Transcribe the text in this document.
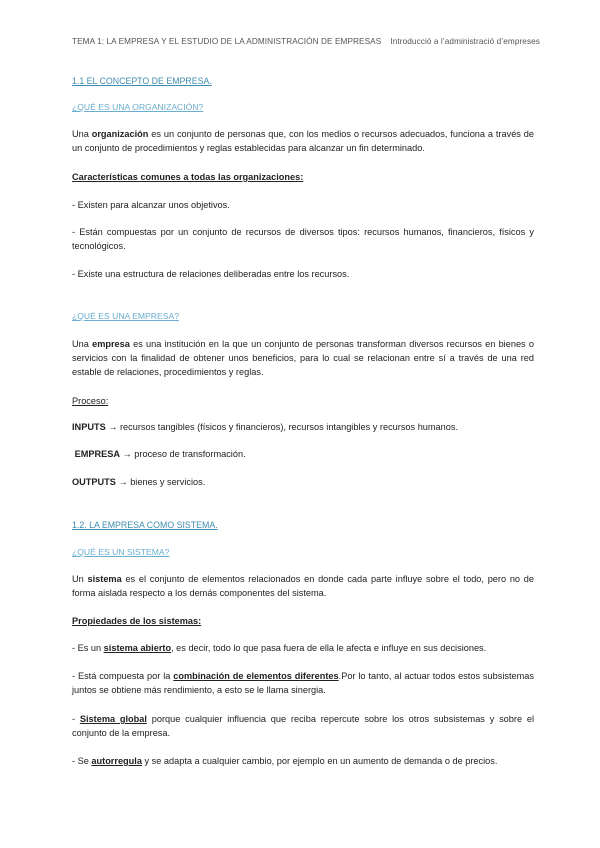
TEMA 1: LA EMPRESA Y EL ESTUDIO DE LA ADMINISTRACIÓN DE EMPRESAS Introducció a l’administració d’empreses
1.1 EL CONCEPTO DE EMPRESA.
¿QUÉ ES UNA ORGANIZACIÓN?
Una organización es un conjunto de personas que, con los medios o recursos adecuados, funciona a través de un conjunto de procedimientos y reglas establecidas para alcanzar un fin determinado.
Características comunes a todas las organizaciones:
- Existen para alcanzar unos objetivos.
- Están compuestas por un conjunto de recursos de diversos tipos: recursos humanos, financieros, físicos y tecnológicos.
- Existe una estructura de relaciones deliberadas entre los recursos.
¿QUÉ ES UNA EMPRESA?
Una empresa es una institución en la que un conjunto de personas transforman diversos recursos en bienes o servicios con la finalidad de obtener unos beneficios, para lo cual se relacionan entre sí a través de una red estable de relaciones, procedimientos y reglas.
Proceso:
INPUTS → recursos tangibles (físicos y financieros), recursos intangibles y recursos humanos.
EMPRESA → proceso de transformación.
OUTPUTS → bienes y servicios.
1.2. LA EMPRESA COMO SISTEMA.
¿QUÉ ES UN SISTEMA?
Un sistema es el conjunto de elementos relacionados en donde cada parte influye sobre el todo, pero no de forma aislada respecto a los demás componentes del sistema.
Propiedades de los sistemas:
- Es un sistema abierto, es decir, todo lo que pasa fuera de ella le afecta e influye en sus decisiones.
- Está compuesta por la combinación de elementos diferentes.Por lo tanto, al actuar todos estos subsistemas juntos se obtiene más rendimiento, a esto se le llama sinergia.
- Sistema global porque cualquier influencia que reciba repercute sobre los otros subsistemas y sobre el conjunto de la empresa.
- Se autorregula y se adapta a cualquier cambio, por ejemplo en un aumento de demanda o de precios.
